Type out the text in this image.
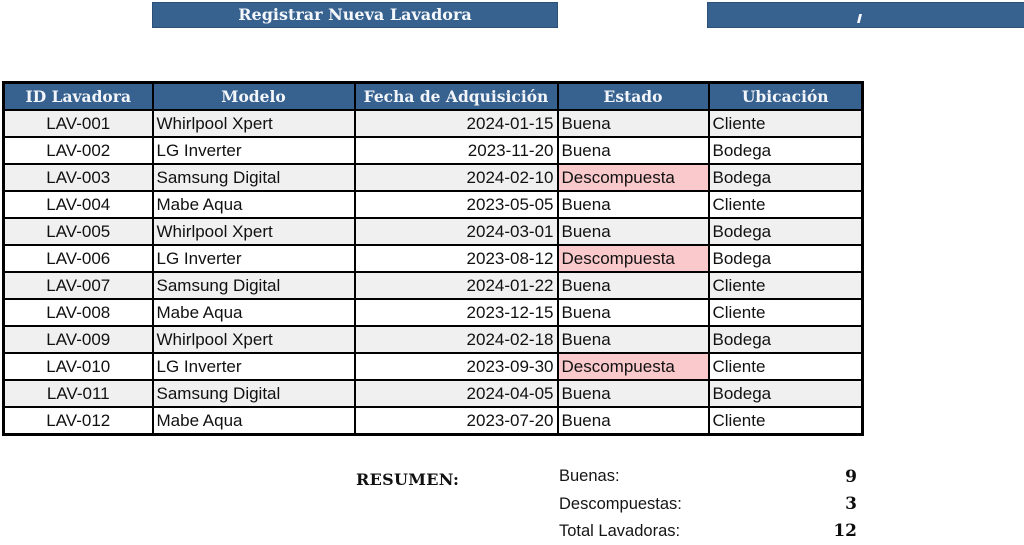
Registrar Nueva Lavadora
ID Lavadora	Modelo	Fecha de Adquisición	Estado	Ubicación
LAV-001	Whirlpool Xpert	2024-01-15	Buena	Cliente
LAV-002	LG Inverter	2023-11-20	Buena	Bodega
LAV-003	Samsung Digital	2024-02-10	Descompuesta	Bodega
LAV-004	Mabe Aqua	2023-05-05	Buena	Cliente
LAV-005	Whirlpool Xpert	2024-03-01	Buena	Bodega
LAV-006	LG Inverter	2023-08-12	Descompuesta	Bodega
LAV-007	Samsung Digital	2024-01-22	Buena	Cliente
LAV-008	Mabe Aqua	2023-12-15	Buena	Cliente
LAV-009	Whirlpool Xpert	2024-02-18	Buena	Bodega
LAV-010	LG Inverter	2023-09-30	Descompuesta	Cliente
LAV-011	Samsung Digital	2024-04-05	Buena	Bodega
LAV-012	Mabe Aqua	2023-07-20	Buena	Cliente
RESUMEN:	Buenas:	9
Descompuestas:	3
Total Lavadoras:	12
